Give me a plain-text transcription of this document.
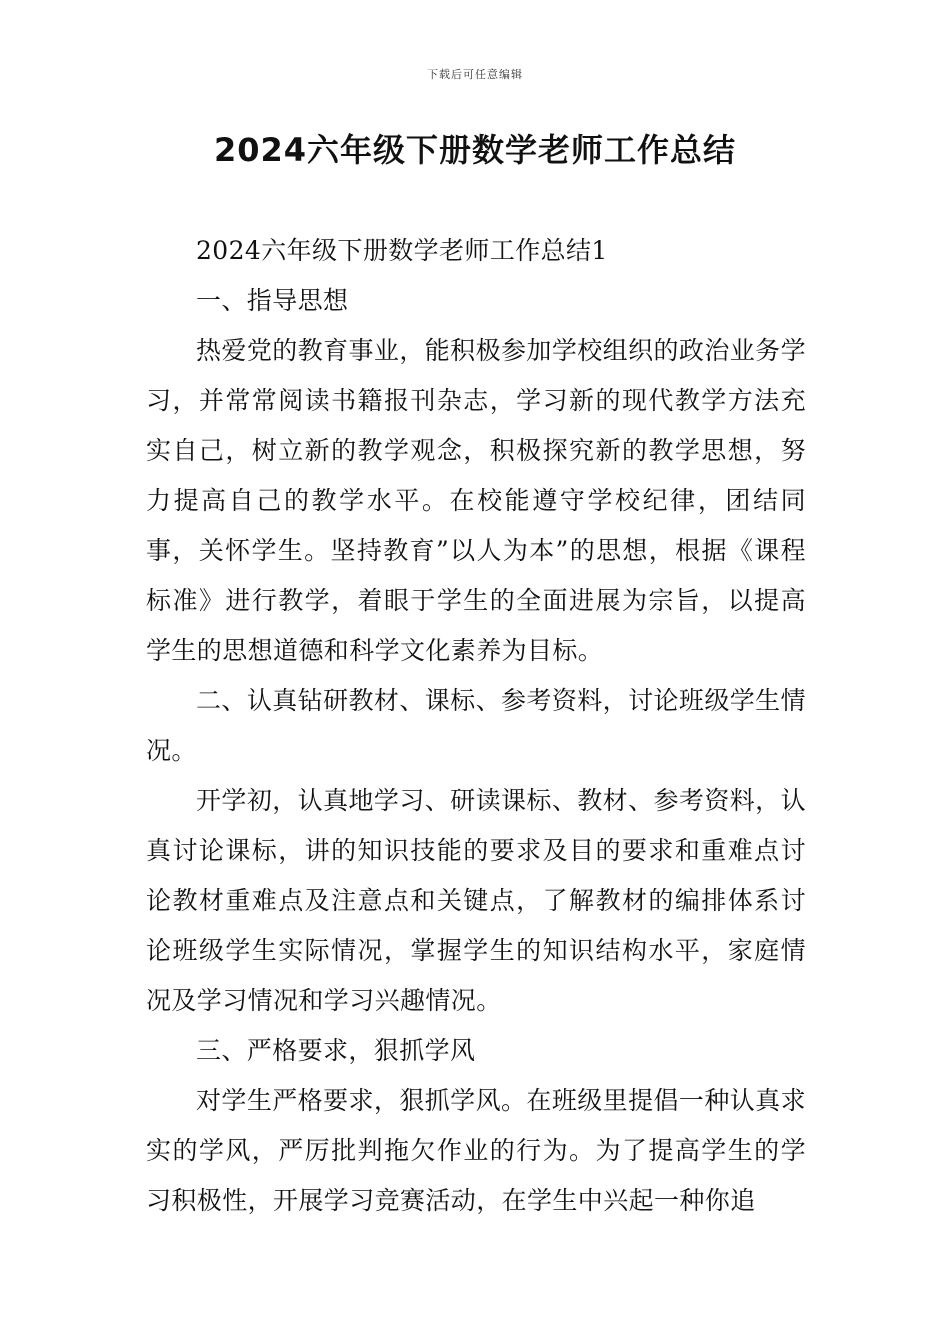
下载后可任意编辑
2024六年级下册数学老师工作总结

2024六年级下册数学老师工作总结1

一、指导思想

热爱党的教育事业，能积极参加学校组织的政治业务学习，并常常阅读书籍报刊杂志，学习新的现代教学方法充实自己，树立新的教学观念，积极探究新的教学思想，努力提高自己的教学水平。在校能遵守学校纪律，团结同事，关怀学生。坚持教育”以人为本”的思想，根据《课程标准》进行教学，着眼于学生的全面进展为宗旨，以提高学生的思想道德和科学文化素养为目标。

二、认真钻研教材、课标、参考资料，讨论班级学生情况。

开学初，认真地学习、研读课标、教材、参考资料，认真讨论课标，讲的知识技能的要求及目的要求和重难点讨论教材重难点及注意点和关键点，了解教材的编排体系讨论班级学生实际情况，掌握学生的知识结构水平，家庭情况及学习情况和学习兴趣情况。

三、严格要求，狠抓学风

对学生严格要求，狠抓学风。在班级里提倡一种认真求实的学风，严厉批判拖欠作业的行为。为了提高学生的学习积极性，开展学习竞赛活动，在学生中兴起一种你追
